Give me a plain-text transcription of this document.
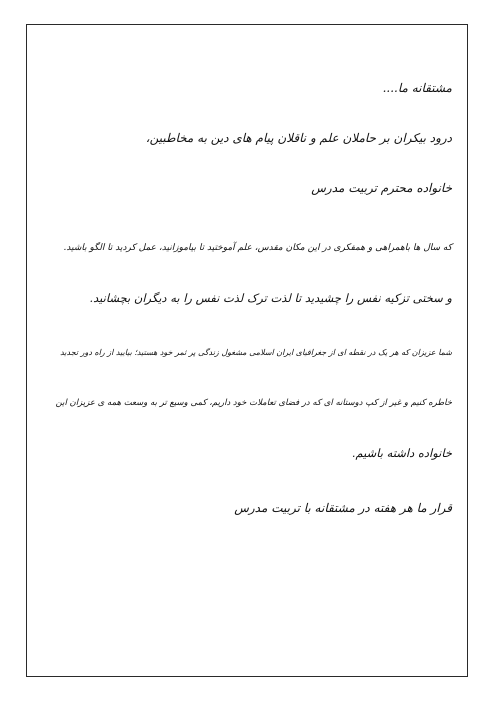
مشتقانه ما....
درود بیکران بر حاملان علم و ناقلان پیام های دین به مخاطبین،
خانواده محترم تربیت مدرس
که سال ها باهمراهی و همفکری در این مکان مقدس، علم آموختید تا بیاموزانید، عمل کردید تا الگو باشید.
و سختی تزکیه نفس را چشیدید تا لذت ترک لذت نفس را به دیگران بچشانید.
شما عزیزان که هر یک در نقطه ای از جغرافیای ایران اسلامی مشغول زندگی پر ثمر خود هستید؛ بیایید از راه دور تجدید
خاطره کنیم و غیر از کپ دوستانه ای که در فضای تعاملات خود داریم، کمی وسیع تر به وسعت همه ی عزیزان این
خانواده داشته باشیم.
قرار ما هر هفته در مشتقانه با تربیت مدرس
